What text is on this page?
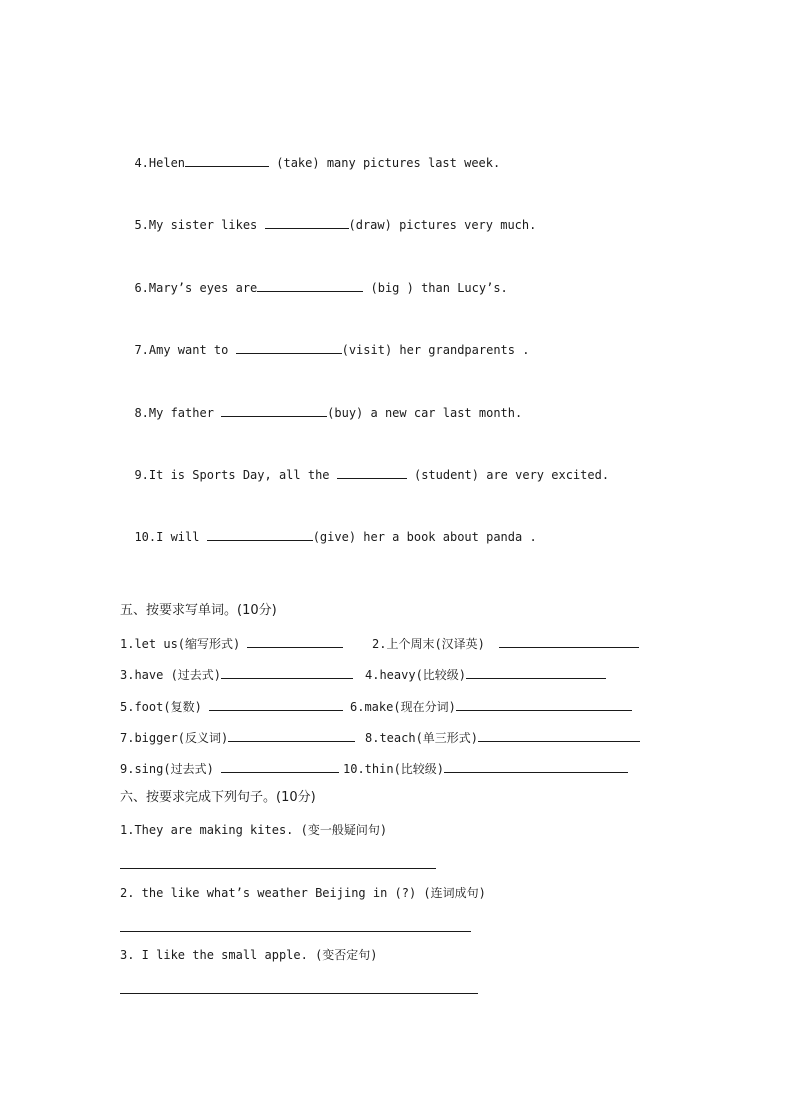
4.Helen	(take) many pictures last week.

5.My sister likes	(draw) pictures very much.

6.Mary’s eyes are	(big ) than Lucy’s.

7.Amy want to	(visit) her grandparents .

8.My father	(buy) a new car last month.

9.It is Sports Day, all the	(student) are very excited.

10.I will	(give) her a book about panda .

五、按要求写单词。(10分)
1.let us(缩写形式)	2.上个周末(汉译英)
3.have (过去式)	4.heavy(比较级)
5.foot(复数)	6.make(现在分词)
7.bigger(反义词)	8.teach(单三形式)
9.sing(过去式)	10.thin(比较级)
六、按要求完成下列句子。(10分)
1.They are making kites. (变一般疑问句)
2. the like what’s weather Beijing in (?) (连词成句)
3. I like the small apple. (变否定句)
